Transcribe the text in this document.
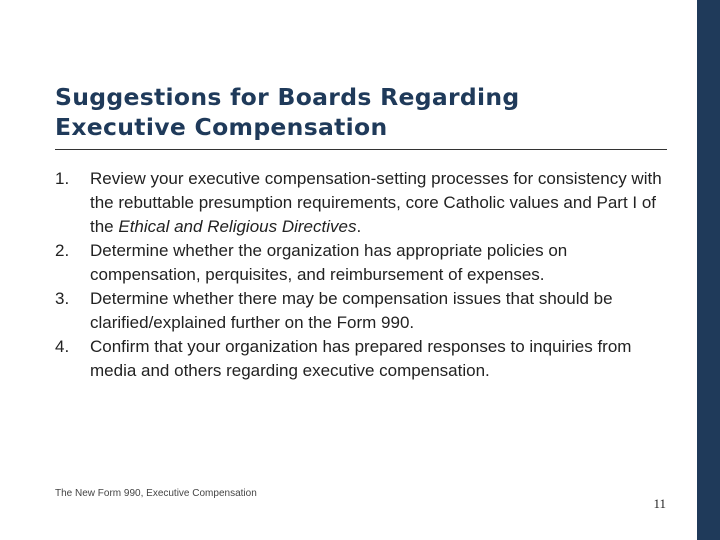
Suggestions for Boards Regarding
Executive Compensation
1. Review your executive compensation-setting processes for consistency with the rebuttable presumption requirements, core Catholic values and Part I of the Ethical and Religious Directives.
2. Determine whether the organization has appropriate policies on compensation, perquisites, and reimbursement of expenses.
3. Determine whether there may be compensation issues that should be clarified/explained further on the Form 990.
4. Confirm that your organization has prepared responses to inquiries from media and others regarding executive compensation.
The New Form 990, Executive Compensation
11
